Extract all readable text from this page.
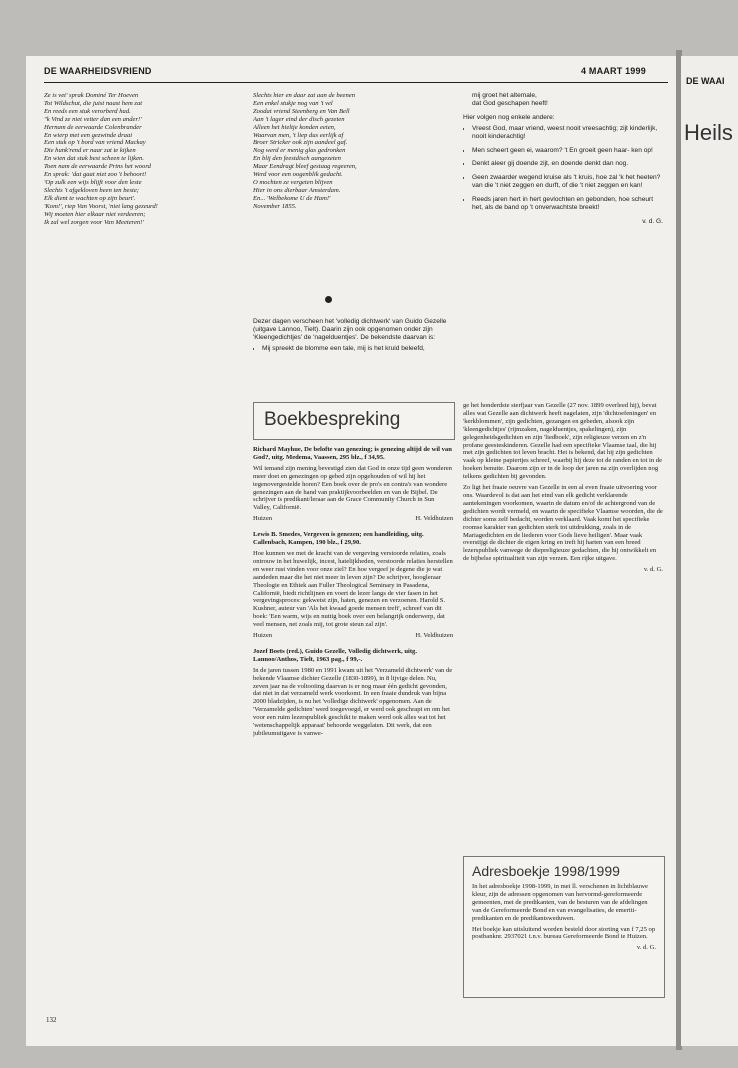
DE WAARHEIDSVRIEND	4 MAART 1999
DE WAAI
Heils
Ze is vet' sprak Dominé Ter Hoeven
Tot Wildschut, die juist naast hem zat
En reeds een stuk verorberd had.
"k Vind ze niet vetter dan een ander!'
Hernam de eerwaarde Colenbrander
En wierp met een gezwinde draai
Een stuk op 't bord van vriend Mackay
Die hunk'rend er naar zat te kijken
En wien dat stuk best scheen te lijken.
Toen nam de eerwaarde Prins het woord
En sprak: 'dat gaat niet zoo 't behoort!
'Op zulk een wijs blijft voor den leste
Slechts 't afgekloven been ten beste;
Elk dient te wachten op zijn beurt'.
'Kom!', riep Van Voorst, 'niet lang gezeurd!
Wij moeten hier elkaar niet verdeeren;
Ik zal wel zorgen voor Van Meeteren!'
Slechts hier en daar zat aan de beenen
Een enkel stukje nog van 't vel
Zoodat vriend Steenberg en Van Bell
Aan 't lager eind der disch gezeten
Alleen het hieltje konden eeten,
Waarvan men, 't liep dus eerlijk af
Broer Stricker ook zijn aandeel gaf.
Nog werd er menig glas gedronken
En blij den feestdisch aangezeten
Maar Eendragt bleef gestaag regeeren,
Werd voor een oogenblik gedacht.
O mochten ze vergeten blijven
Hier in ons dierbaar Amsterdam.
En... 'Welbekome U de Ham!'
November 1855.

Dezer dagen verscheen het 'volledig dichtwerk' van Guido Gezelle (uitgave Lannoo, Tielt). Daarin zijn ook opgenomen onder zijn 'Kleengedichtjes' de 'nagelduentjes'. De bekendste daarvan is:

• Mij spreekt de blomme een tale, mij is het kruid beleefd,
mij groet het altemale,
dat God geschapen heeft!

Hier volgen nog enkele andere:

• Vreest God, maar vriend, weest nooit vreesachtig; zijt kinderlijk, nooit kinderachtig!
• Men scheert geen ei, waarom? 't En groeit geen haar- ken op!
• Denkt aleer gij doende zijt, en doende denkt dan nog.
• Geen zwaarder wegend kruise als 't kruis, hoe zal 'k het heeten? van die 't niet zeggen en durft, of die 't niet zeggen en kan!
• Reeds jaren hert in hert gevlochten en gebonden, hoe scheurt het, als de band op 't onverwachtste breekt!
v. d. G.
Boekbespreking

Richard Mayhue, De belofte van genezing; is genezing altijd de wil van God?, uitg. Medema, Vaassen, 295 blz., f 34,95.

Wil iemand zijn mening bevestigd zien dat God in onze tijd geen wonderen meer doet en genezingen op gebed zijn opgehouden of wil hij het tegenovergestelde horen? Een boek over de pro's en contra's van wondere genezingen aan de hand van praktijkvoorbeelden en van de Bijbel. De schrijver is predikant/leraar aan de Grace Community Church in Sun Valley, Californië.

Huizen	H. Veldhuizen

Lewis B. Smedes, Vergeven is genezen; een handleiding, uitg. Callenbach, Kampen, 190 blz., f 29,90.

Hoe kunnen we met de kracht van de vergeving verstoorde relaties, zoals ontrouw in het huwelijk, incest, hatelijkheden, verstoorde relaties herstellen en weer rust vinden voor onze ziel? En hoe vergeef je degene die je wat aandeden maar die het niet meer in leven zijn? De schrijver, hoogleraar Theologie en Ethiek aan Fuller Theological Seminary in Pasadena, Californië, biedt richtlijnen en voert de lezer langs de vier fasen in het vergevingsproces: gekwetst zijn, haten, genezen en verzoenen. Harold S. Kushner, auteur van 'Als het kwaad goede mensen treft', schreef van dit boek: 'Een warm, wijs en nuttig boek over een belangrijk onderwerp, dat veel mensen, net zoals mij, tot grote steun zal zijn'.

Huizen	H. Veldhuizen

Jozef Boets (red.), Guido Gezelle, Volledig dichtwerk, uitg. Lannoo/Anthos, Tielt, 1963 pag., f 99,-.

In de jaren tussen 1980 en 1991 kwam uit het 'Verzameld dichtwerk' van de bekende Vlaamse dichter Gezelle (1830-1899), in 8 lijvige delen. Nu, zeven jaar na de voltooiing daarvan is er nog maar één gedicht gevonden, dat niet in dat verzameld werk voorkomt. In een fraaie dundruk van bijna 2000 bladzijden, is nu het 'volledige dichtwerk' opgenomen. Aan de 'Verzamelde gedichten' werd toegevoegd, er werd ook geschrapt en om het voor een ruim lezerspubliek geschikt te maken werd ook alles wat tot het 'wetenschappelijk apparaat' behoorde weggelaten. Dit werk, dat een jubileumuitgave is vanwe-

ge het honderdste sterfjaar van Gezelle (27 nov. 1899 overleed hij), bevat alles wat Gezelle aan dichtwerk heeft nagelaten, zijn 'dichtoefeningen' en 'kerkblommen', zijn gedichten, gezangen en gebeden, alsook zijn 'kleengedichtjes' (rijmzaken, nagelduentjes, spakelingen), zijn gelegenheidsgedichten en zijn 'liedboek', zijn religieuze verzen en z'n profane geesteskinderen. Gezelle had een specifieke Vlaamse taal, die hij met zijn gedichten tot leven bracht. Het is bekend, dat hij zijn gedichten vaak op kleine papiertjes schreef, waarbij hij deze tot de randen en tot in de hoeken benutte. Daarom zijn er in de loop der jaren na zijn overlijden nog telkens gedichten bij gevonden.

Zo ligt het fraaie oeuvre van Gezelle in een al even fraaie uitvoering voor ons. Waardevol is dat aan het eind van elk gedicht verklarende aantekeningen voorkomen, waarin de datum en/of de achtergrond van de gedichten wordt vermeld, en waarin de specifieke Vlaamse woorden, die de dichter soms zelf bedacht, worden verklaard. Vaak komt het specifieke roomse karakter van gedichten sterk tot uitdrukking, zoals in de Mariagedichten en de liederen voor Gods lieve heiligen'. Maar vaak overstijgt de dichter de eigen kring en treft hij harten van een breed lezerspubliek vanwege de diepreligieuze gedachten, die hij ontwikkelt en de bijbelse spiritualiteit van zijn verzen. Een rijke uitgave.

v. d. G.
Adresboekje 1998/1999

In het adresboekje 1998-1999, in mei ll. verschenen in lichtblauwe kleur, zijn de adressen opgenomen van hervormd-gereformeerde gemeenten, met de predikanten, van de besturen van de afdelingen van de Gereformeerde Bond en van evangelisaties, de emeriti-predikanten en de predikantsweduwen.

Het boekje kan uitsluitend worden besteld door storting van f 7,25 op postbanknr. 2937021 t.n.v. bureau Gereformeerde Bond te Huizen.

v. d. G.
132
